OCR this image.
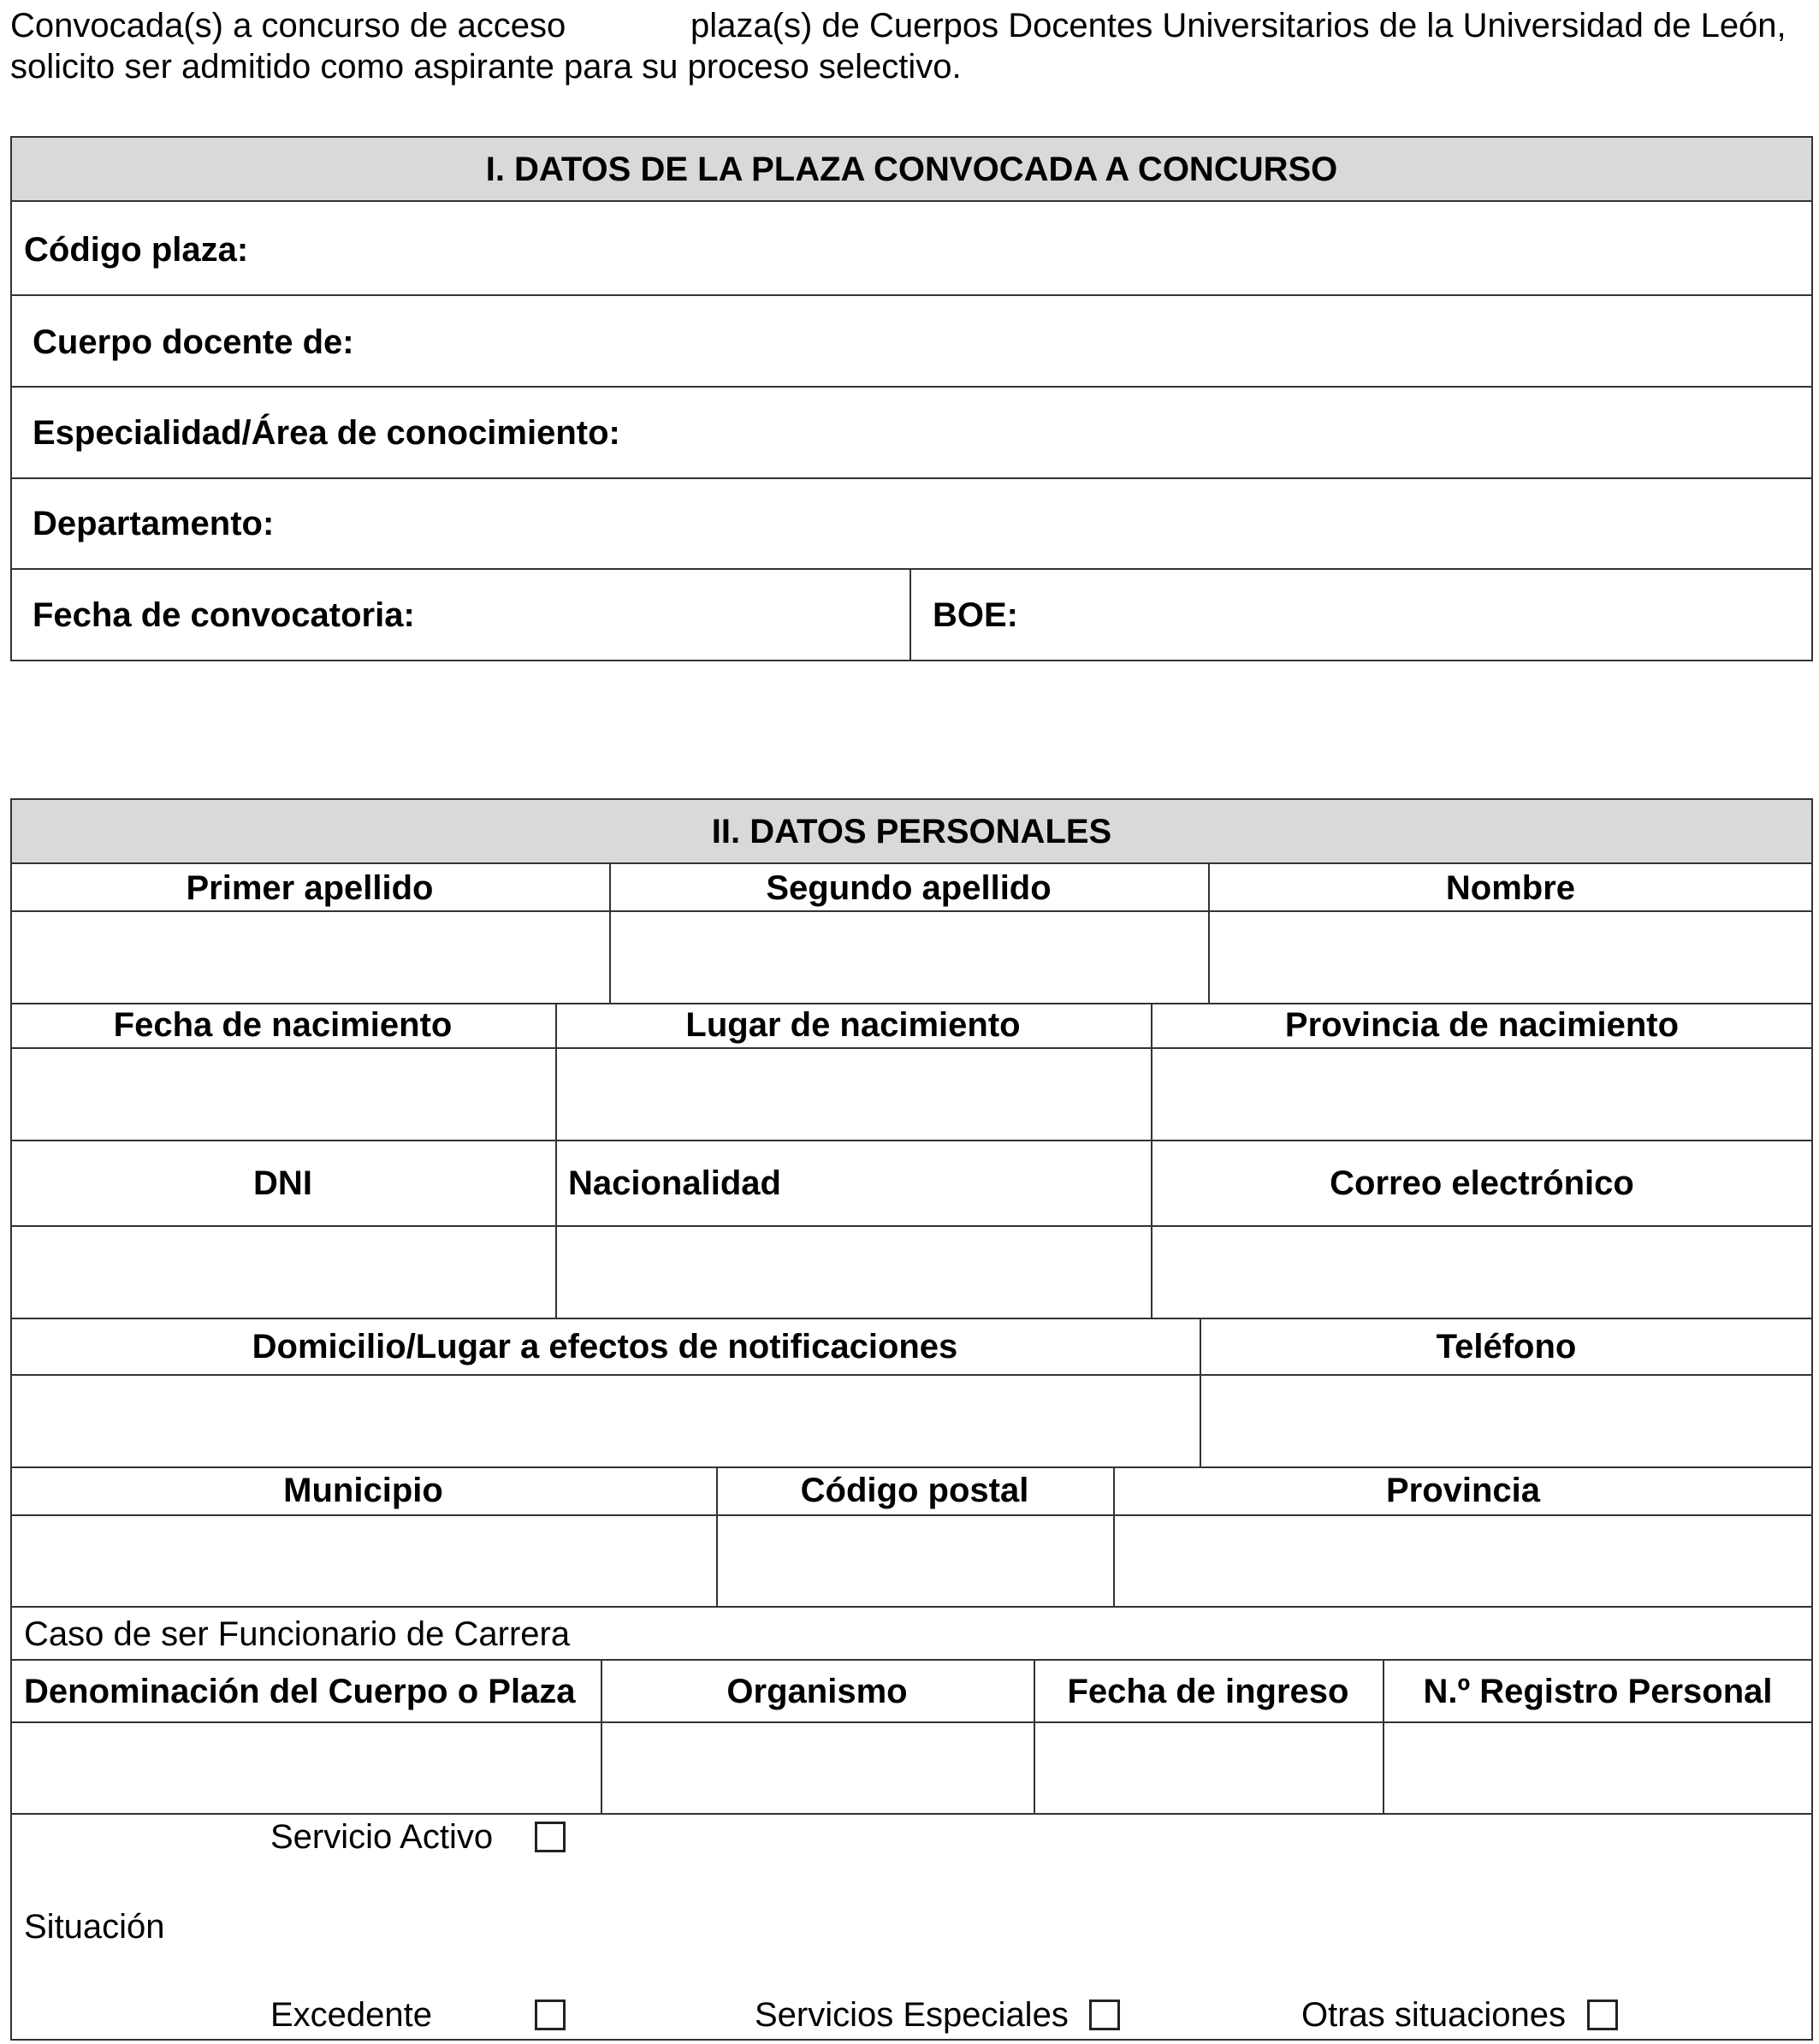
Convocada(s) a concurso de acceso	plaza(s) de Cuerpos Docentes Universitarios de la Universidad de León,
solicito ser admitido como aspirante para su proceso selectivo.
I. DATOS DE LA PLAZA CONVOCADA A CONCURSO
Código plaza:
Cuerpo docente de:
Especialidad/Área de conocimiento:
Departamento:
Fecha de convocatoria:	BOE:
II. DATOS PERSONALES
Primer apellido	Segundo apellido	Nombre
Fecha de nacimiento	Lugar de nacimiento	Provincia de nacimiento
DNI	Nacionalidad	Correo electrónico
Domicilio/Lugar a efectos de notificaciones	Teléfono
Municipio	Código postal	Provincia
Caso de ser Funcionario de Carrera
Denominación del Cuerpo o Plaza	Organismo	Fecha de ingreso	N.º Registro Personal
Situación
Servicio Activo
Excedente	Servicios Especiales	Otras situaciones
